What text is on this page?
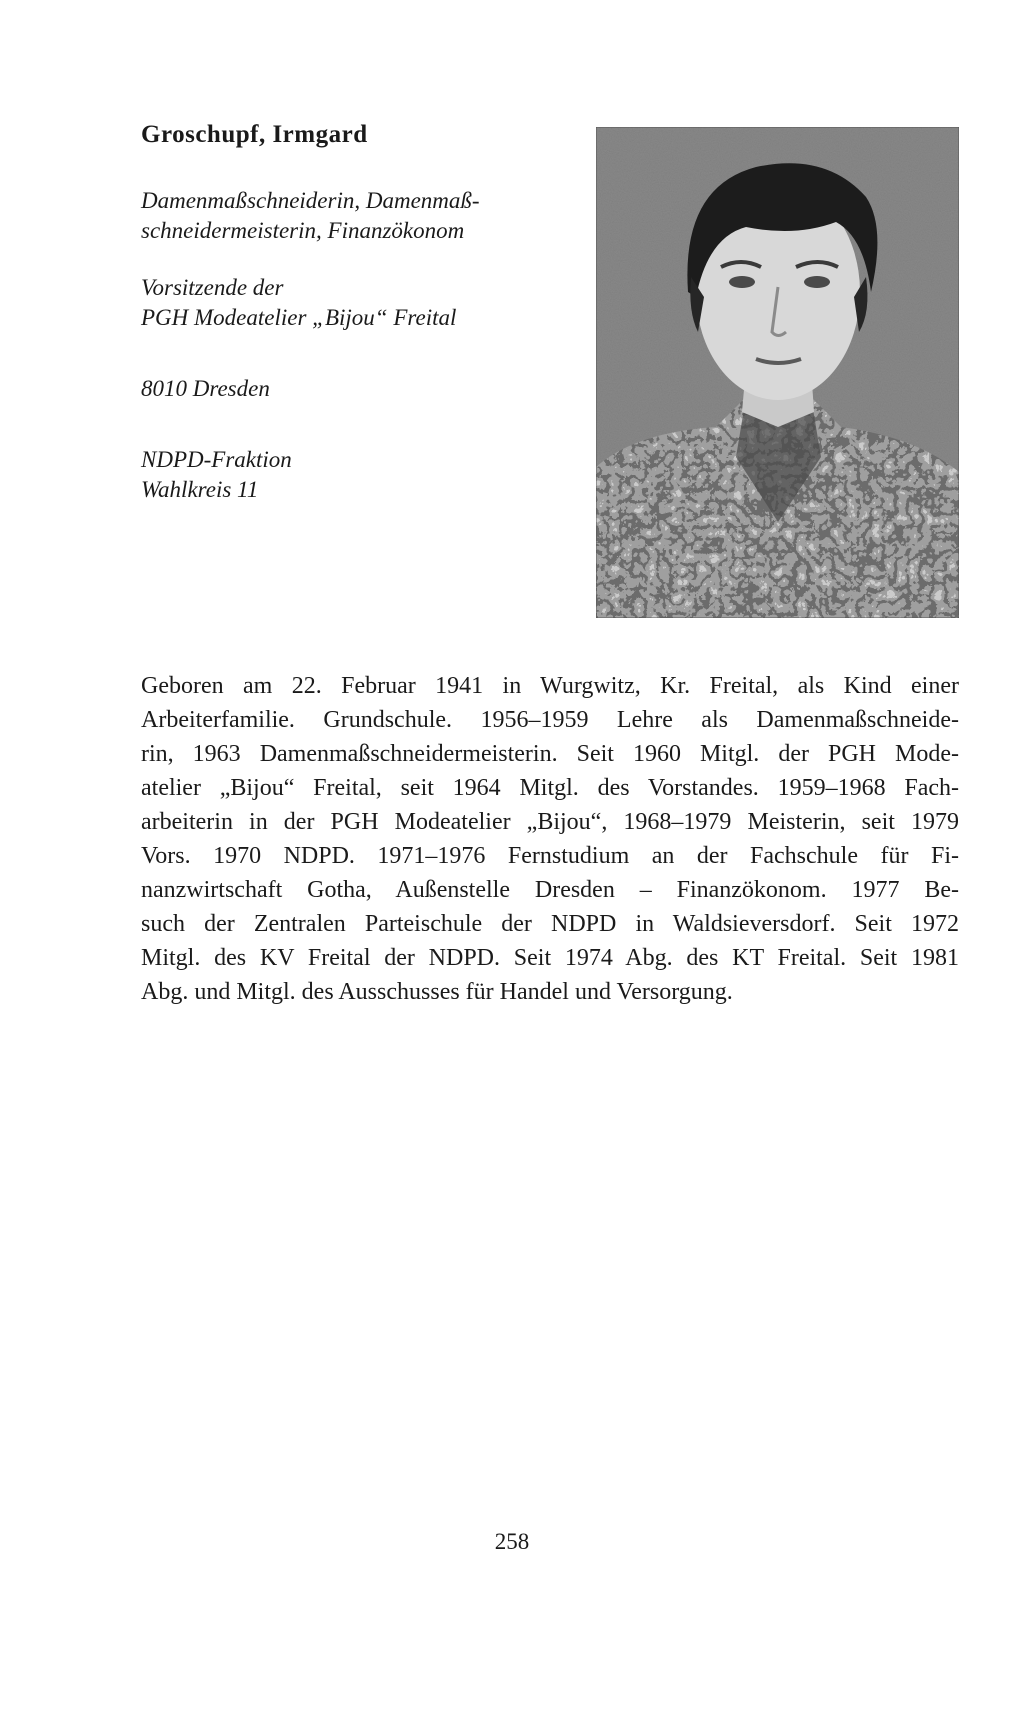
Groschupf, Irmgard

Damenmaßschneiderin, Damenmaß-
schneidermeisterin, Finanzökonom

Vorsitzende der
PGH Modeatelier „Bijou“ Freital

8010 Dresden

NDPD-Fraktion
Wahlkreis 11

Geboren am 22. Februar 1941 in Wurgwitz, Kr. Freital, als Kind einer
Arbeiterfamilie. Grundschule. 1956–1959 Lehre als Damenmaßschneide-
rin, 1963 Damenmaßschneidermeisterin. Seit 1960 Mitgl. der PGH Mode-
atelier „Bijou“ Freital, seit 1964 Mitgl. des Vorstandes. 1959–1968 Fach-
arbeiterin in der PGH Modeatelier „Bijou“, 1968–1979 Meisterin, seit 1979
Vors. 1970 NDPD. 1971–1976 Fernstudium an der Fachschule für Fi-
nanzwirtschaft Gotha, Außenstelle Dresden – Finanzökonom. 1977 Be-
such der Zentralen Parteischule der NDPD in Waldsieversdorf. Seit 1972
Mitgl. des KV Freital der NDPD. Seit 1974 Abg. des KT Freital. Seit 1981
Abg. und Mitgl. des Ausschusses für Handel und Versorgung.

258
